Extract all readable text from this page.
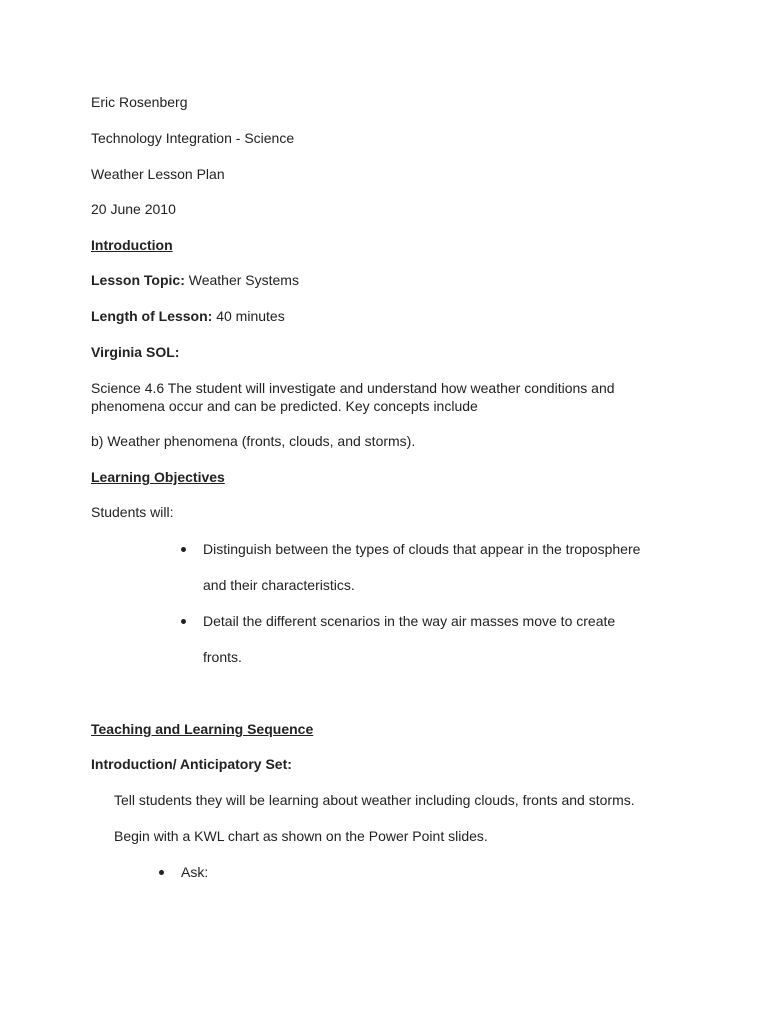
Eric Rosenberg
Technology Integration - Science
Weather Lesson Plan
20 June 2010
Introduction
Lesson Topic: Weather Systems
Length of Lesson: 40 minutes
Virginia SOL:
Science 4.6 The student will investigate and understand how weather conditions and phenomena occur and can be predicted. Key concepts include
b) Weather phenomena (fronts, clouds, and storms).
Learning Objectives
Students will:
Distinguish between the types of clouds that appear in the troposphere
and their characteristics.
Detail the different scenarios in the way air masses move to create
fronts.
Teaching and Learning Sequence
Introduction/ Anticipatory Set:
Tell students they will be learning about weather including clouds, fronts and storms.
Begin with a KWL chart as shown on the Power Point slides.
Ask:
